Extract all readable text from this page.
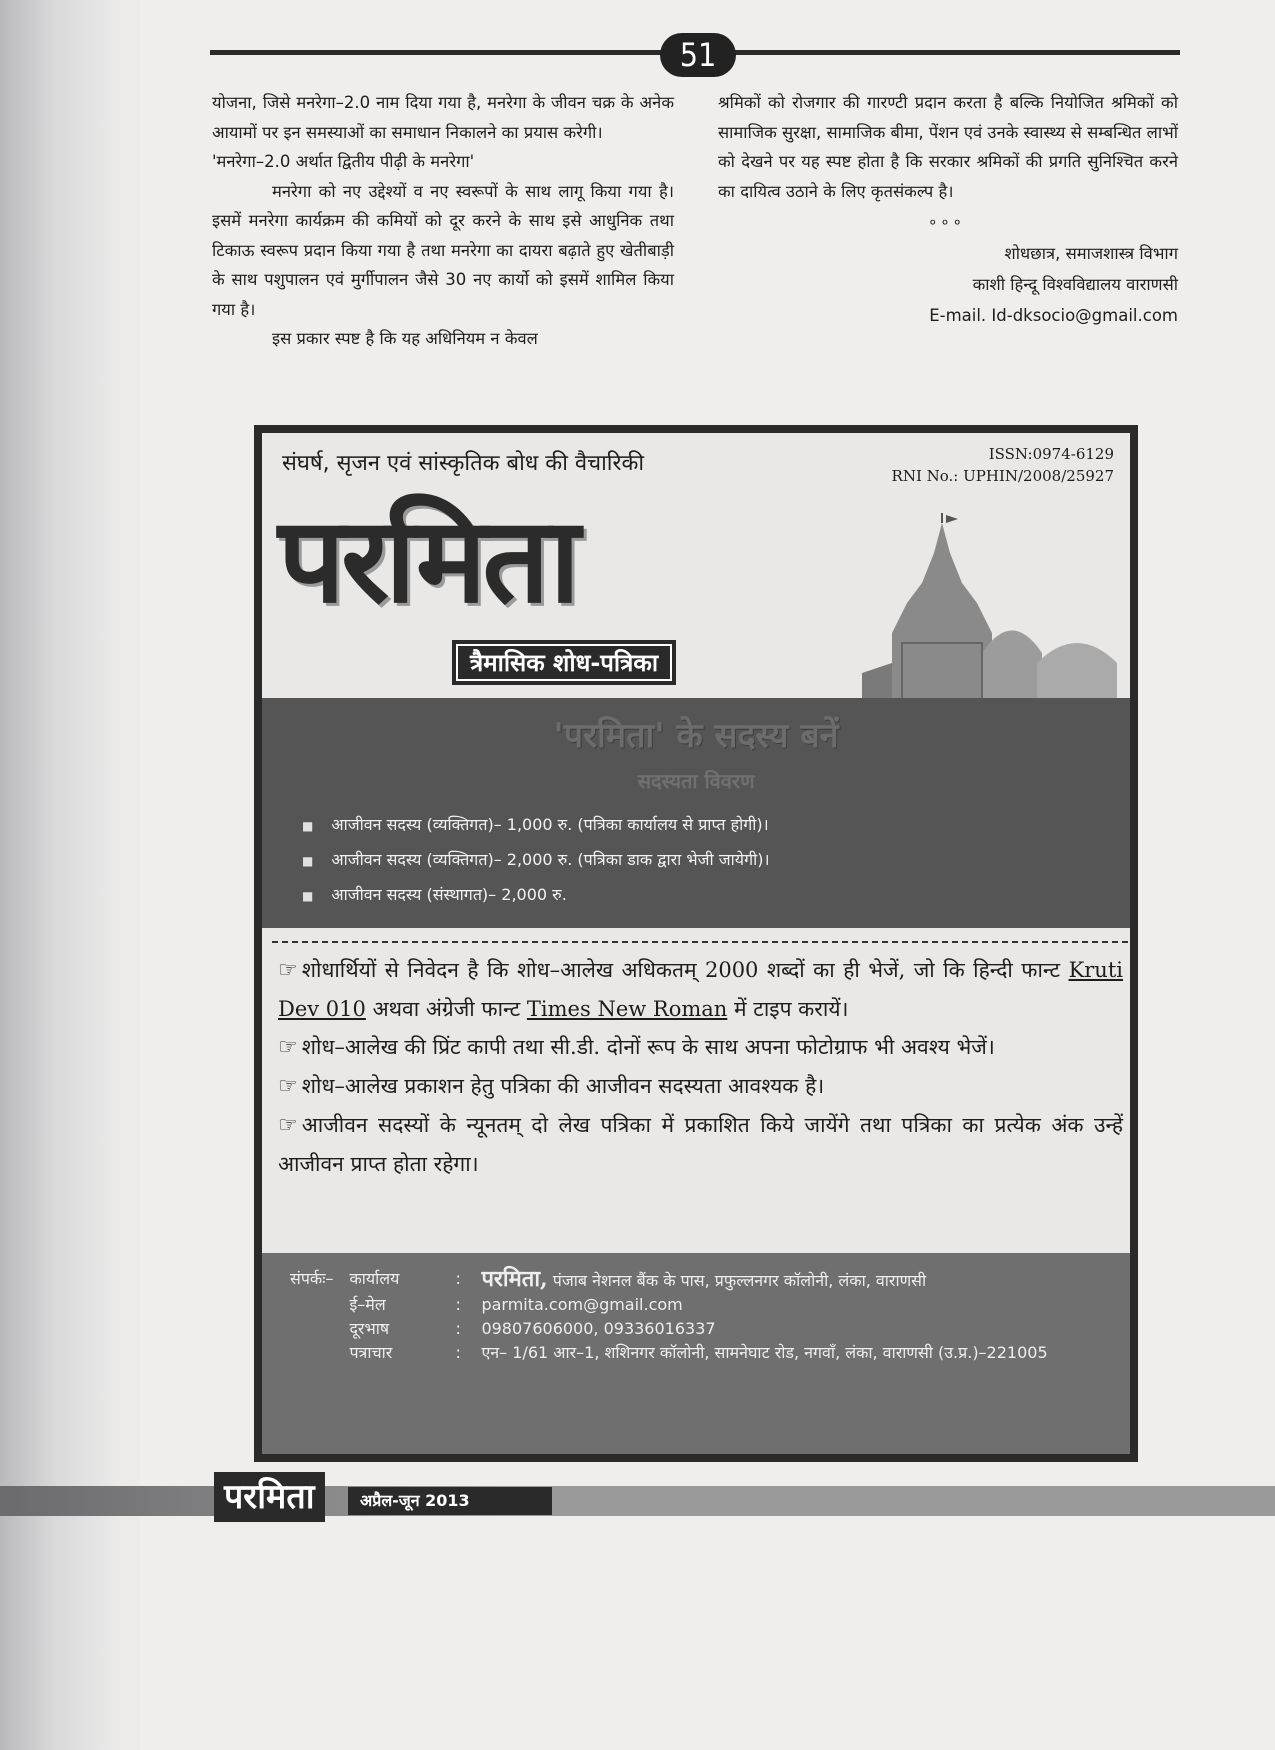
51

योजना, जिसे मनरेगा–2.0 नाम दिया गया है, मनरेगा के जीवन चक्र के अनेक आयामों पर इन समस्याओं का समाधान निकालने का प्रयास करेगी।

'मनरेगा–2.0 अर्थात द्वितीय पीढ़ी के मनरेगा'

मनरेगा को नए उद्देश्यों व नए स्वरूपों के साथ लागू किया गया है। इसमें मनरेगा कार्यक्रम की कमियों को दूर करने के साथ इसे आधुनिक तथा टिकाऊ स्वरूप प्रदान किया गया है तथा मनरेगा का दायरा बढ़ाते हुए खेतीबाड़ी के साथ पशुपालन एवं मुर्गीपालन जैसे 30 नए कार्यो को इसमें शामिल किया गया है।

इस प्रकार स्पष्ट है कि यह अधिनियम न केवल

श्रमिकों को रोजगार की गारण्टी प्रदान करता है बल्कि नियोजित श्रमिकों को सामाजिक सुरक्षा, सामाजिक बीमा, पेंशन एवं उनके स्वास्थ्य से सम्बन्धित लाभों को देखने पर यह स्पष्ट होता है कि सरकार श्रमिकों की प्रगति सुनिश्चित करने का दायित्व उठाने के लिए कृतसंकल्प है।

०००
शोधछात्र, समाजशास्त्र विभाग
काशी हिन्दू विश्वविद्यालय वाराणसी
E-mail. Id-dksocio@gmail.com
संघर्ष, सृजन एवं सांस्कृतिक बोध की वैचारिकी	ISSN:0974-6129
RNI No.: UPHIN/2008/25927
परमिता
त्रैमासिक शोध-पत्रिका
'परमिता' के सदस्य बनें
सदस्यता विवरण
■ आजीवन सदस्य (व्यक्तिगत)– 1,000 रु. (पत्रिका कार्यालय से प्राप्त होगी)।
■ आजीवन सदस्य (व्यक्तिगत)– 2,000 रु. (पत्रिका डाक द्वारा भेजी जायेगी)।
■ आजीवन सदस्य (संस्थागत)– 2,000 रु.

☞ शोधार्थियों से निवेदन है कि शोध–आलेख अधिकतम् 2000 शब्दों का ही भेजें, जो कि हिन्दी फान्ट Kruti Dev 010 अथवा अंग्रेजी फान्ट Times New Roman में टाइप करायें।

☞ शोध–आलेख की प्रिंट कापी तथा सी.डी. दोनों रूप के साथ अपना फोटोग्राफ भी अवश्य भेजें।

☞ शोध–आलेख प्रकाशन हेतु पत्रिका की आजीवन सदस्यता आवश्यक है।

☞ आजीवन सदस्यों के न्यूनतम् दो लेख पत्रिका में प्रकाशित किये जायेंगे तथा पत्रिका का प्रत्येक अंक उन्हें आजीवन प्राप्त होता रहेगा।

संपर्कः–	कार्यालय	:	परमिता, पंजाब नेशनल बैंक के पास, प्रफुल्लनगर कॉलोनी, लंका, वाराणसी
	ई–मेल	:	parmita.com@gmail.com
	दूरभाष	:	09807606000, 09336016337
	पत्राचार	:	एन– 1/61 आर–1, शशिनगर कॉलोनी, सामनेघाट रोड, नगवाँ, लंका, वाराणसी (उ.प्र.)–221005
परमिता	अप्रैल-जून 2013
